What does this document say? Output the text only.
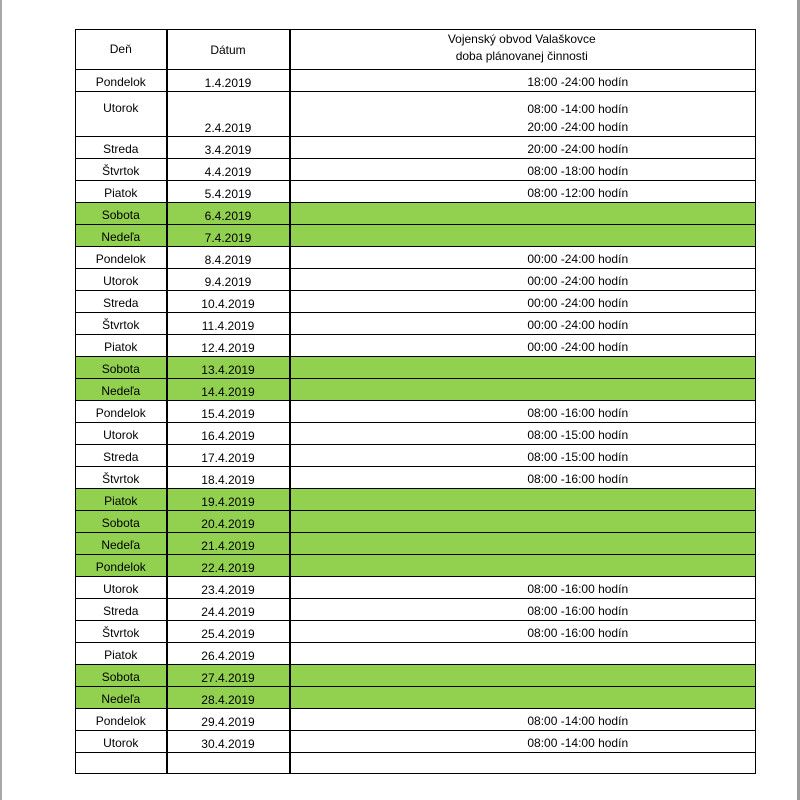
Deň	Dátum	Vojenský obvod Valaškovce
doba plánovanej činnosti

Pondelok	1.4.2019	18:00 -24:00 hodín

Utorok	2.4.2019	08:00 -14:00 hodín
20:00 -24:00 hodín

Streda	3.4.2019	20:00 -24:00 hodín

Štvrtok	4.4.2019	08:00 -18:00 hodín

Piatok	5.4.2019	08:00 -12:00 hodín

Sobota	6.4.2019	
Nedeľa	7.4.2019	
Pondelok	8.4.2019	00:00 -24:00 hodín

Utorok	9.4.2019	00:00 -24:00 hodín

Streda	10.4.2019	00:00 -24:00 hodín

Štvrtok	11.4.2019	00:00 -24:00 hodín

Piatok	12.4.2019	00:00 -24:00 hodín

Sobota	13.4.2019	
Nedeľa	14.4.2019	
Pondelok	15.4.2019	08:00 -16:00 hodín

Utorok	16.4.2019	08:00 -15:00 hodín

Streda	17.4.2019	08:00 -15:00 hodín

Štvrtok	18.4.2019	08:00 -16:00 hodín

Piatok	19.4.2019	
Sobota	20.4.2019	
Nedeľa	21.4.2019	
Pondelok	22.4.2019	
Utorok	23.4.2019	08:00 -16:00 hodín

Streda	24.4.2019	08:00 -16:00 hodín

Štvrtok	25.4.2019	08:00 -16:00 hodín

Piatok	26.4.2019	
Sobota	27.4.2019	
Nedeľa	28.4.2019	
Pondelok	29.4.2019	08:00 -14:00 hodín

Utorok	30.4.2019	08:00 -14:00 hodín
